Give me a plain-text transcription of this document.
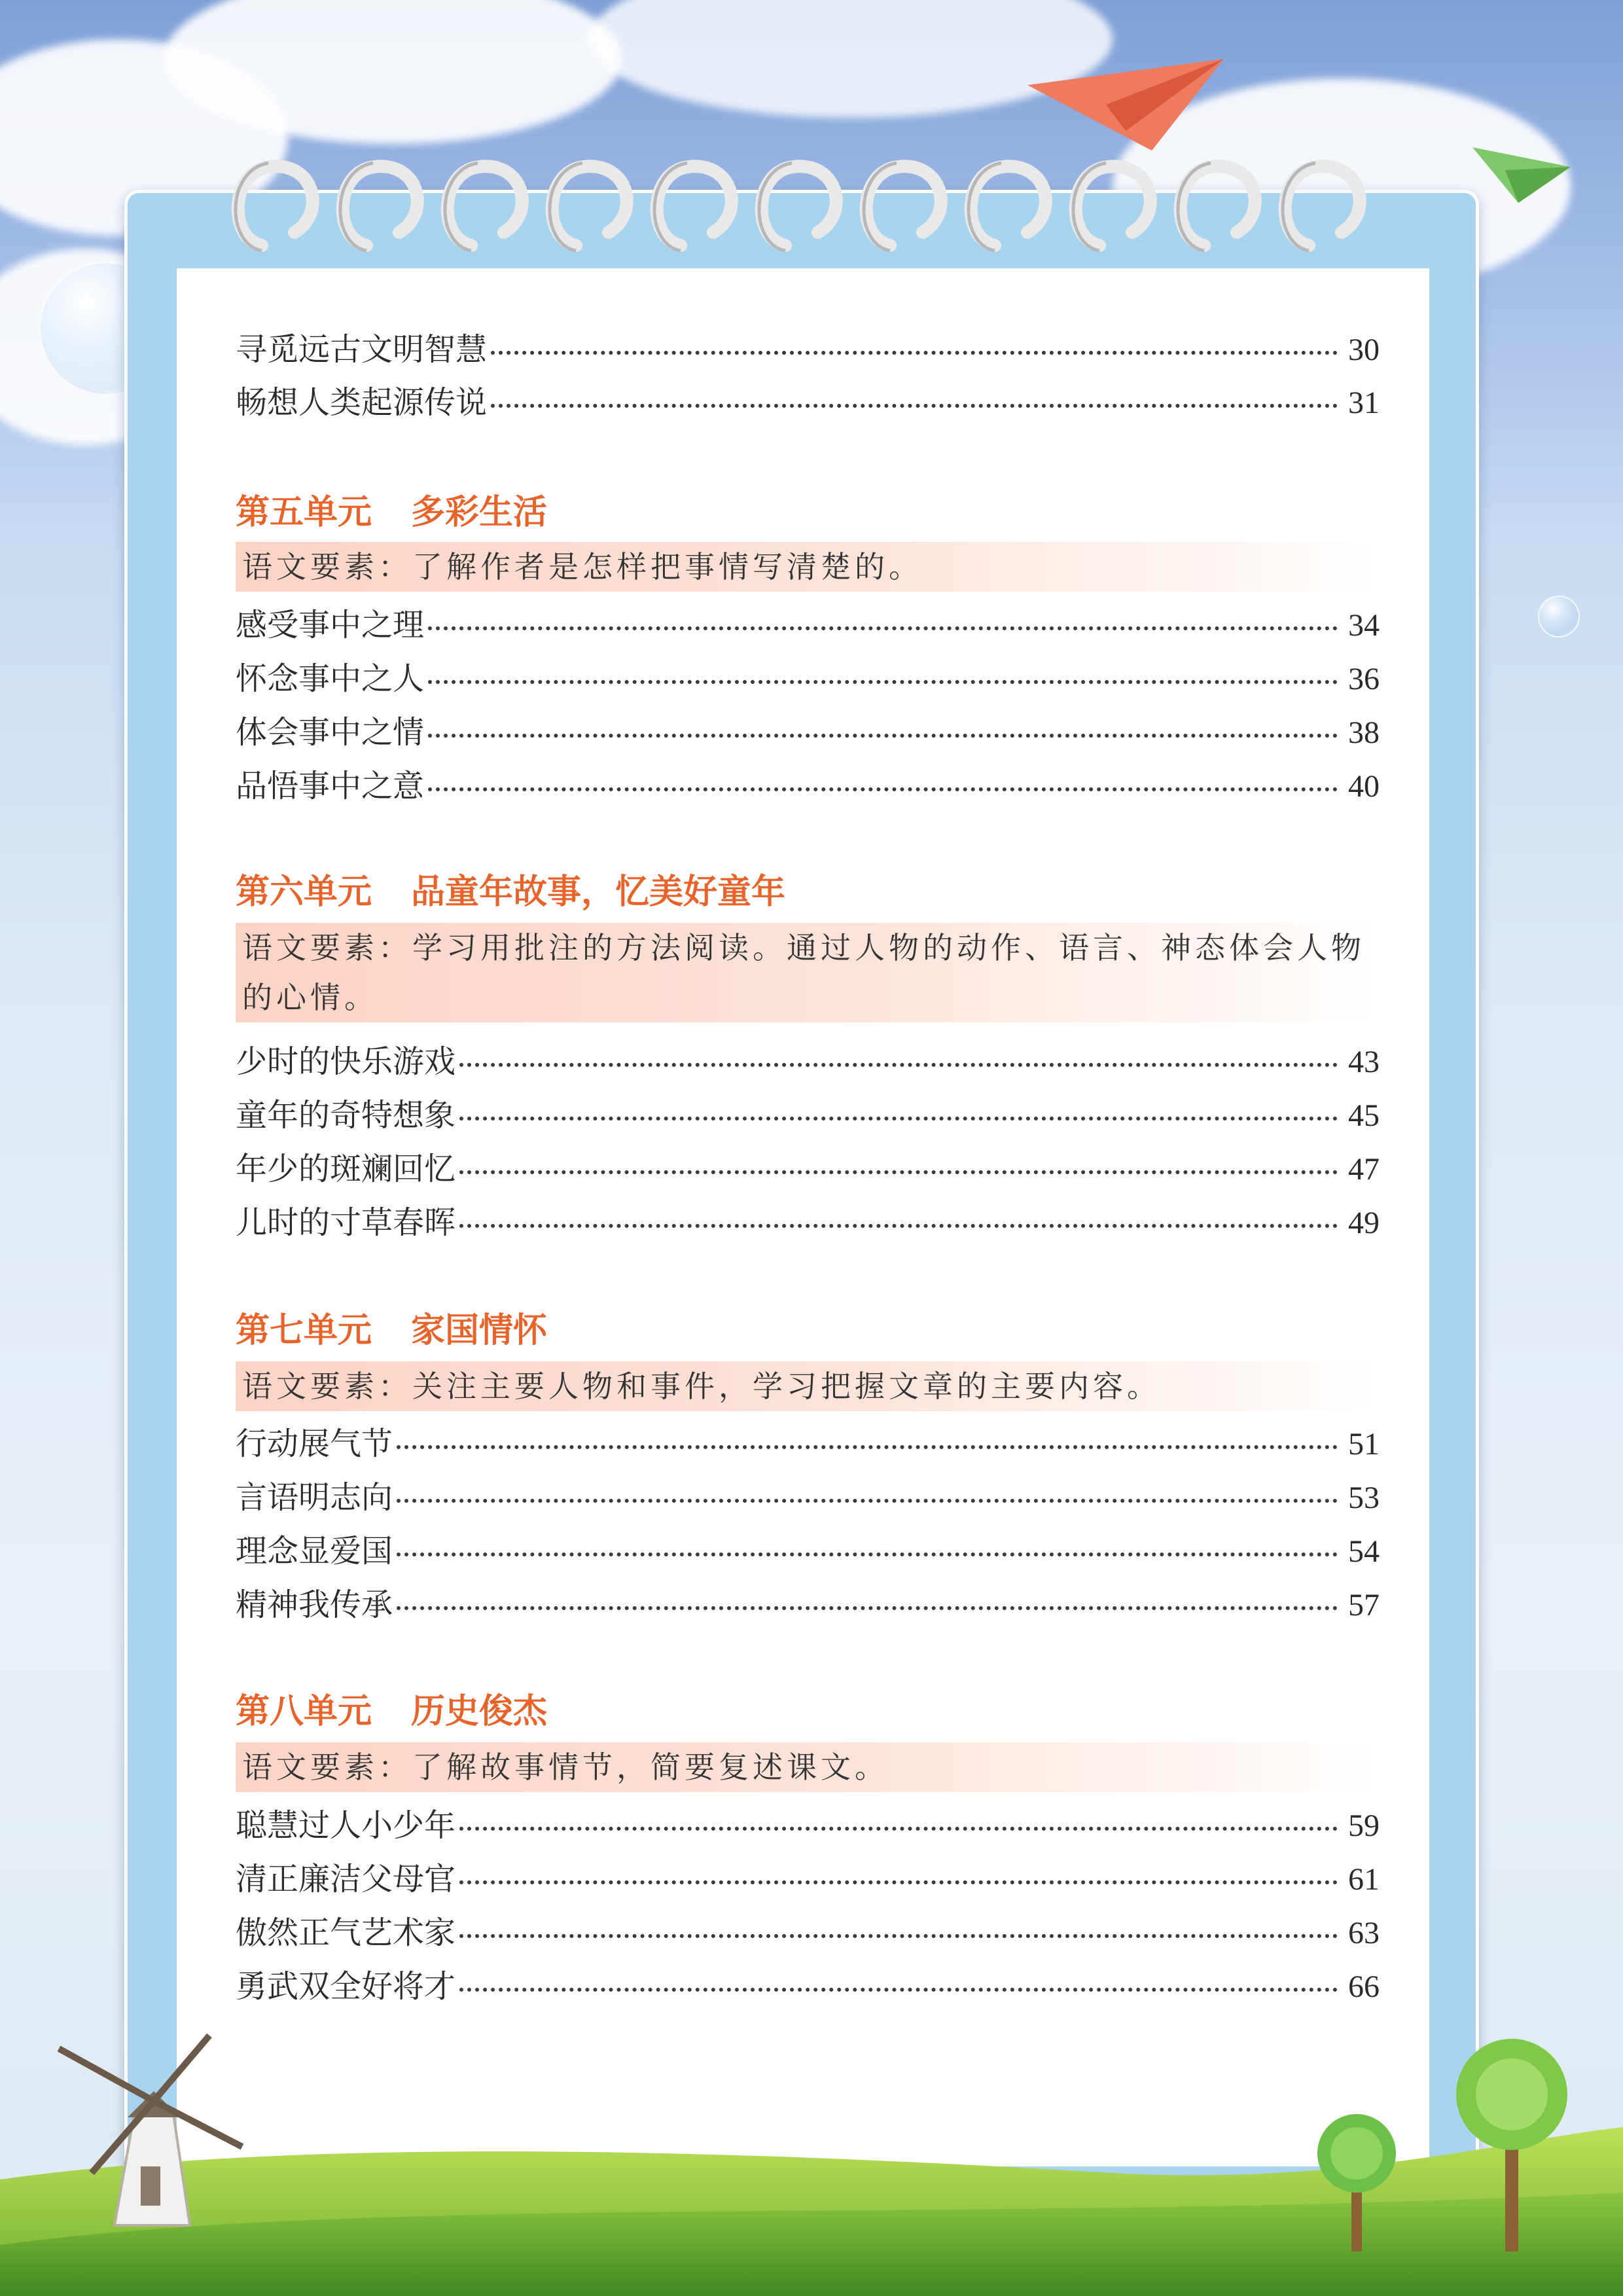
寻觅远古文明智慧	30
畅想人类起源传说	31
第五单元 多彩生活
语文要素：了解作者是怎样把事情写清楚的。
感受事中之理	34
怀念事中之人	36
体会事中之情	38
品悟事中之意	40
第六单元 品童年故事，忆美好童年
语文要素：学习用批注的方法阅读。通过人物的动作、语言、神态体会人物的心情。
少时的快乐游戏	43
童年的奇特想象	45
年少的斑斓回忆	47
儿时的寸草春晖	49
第七单元 家国情怀
语文要素：关注主要人物和事件，学习把握文章的主要内容。
行动展气节	51
言语明志向	53
理念显爱国	54
精神我传承	57
第八单元 历史俊杰
语文要素：了解故事情节，简要复述课文。
聪慧过人小少年	59
清正廉洁父母官	61
傲然正气艺术家	63
勇武双全好将才	66
